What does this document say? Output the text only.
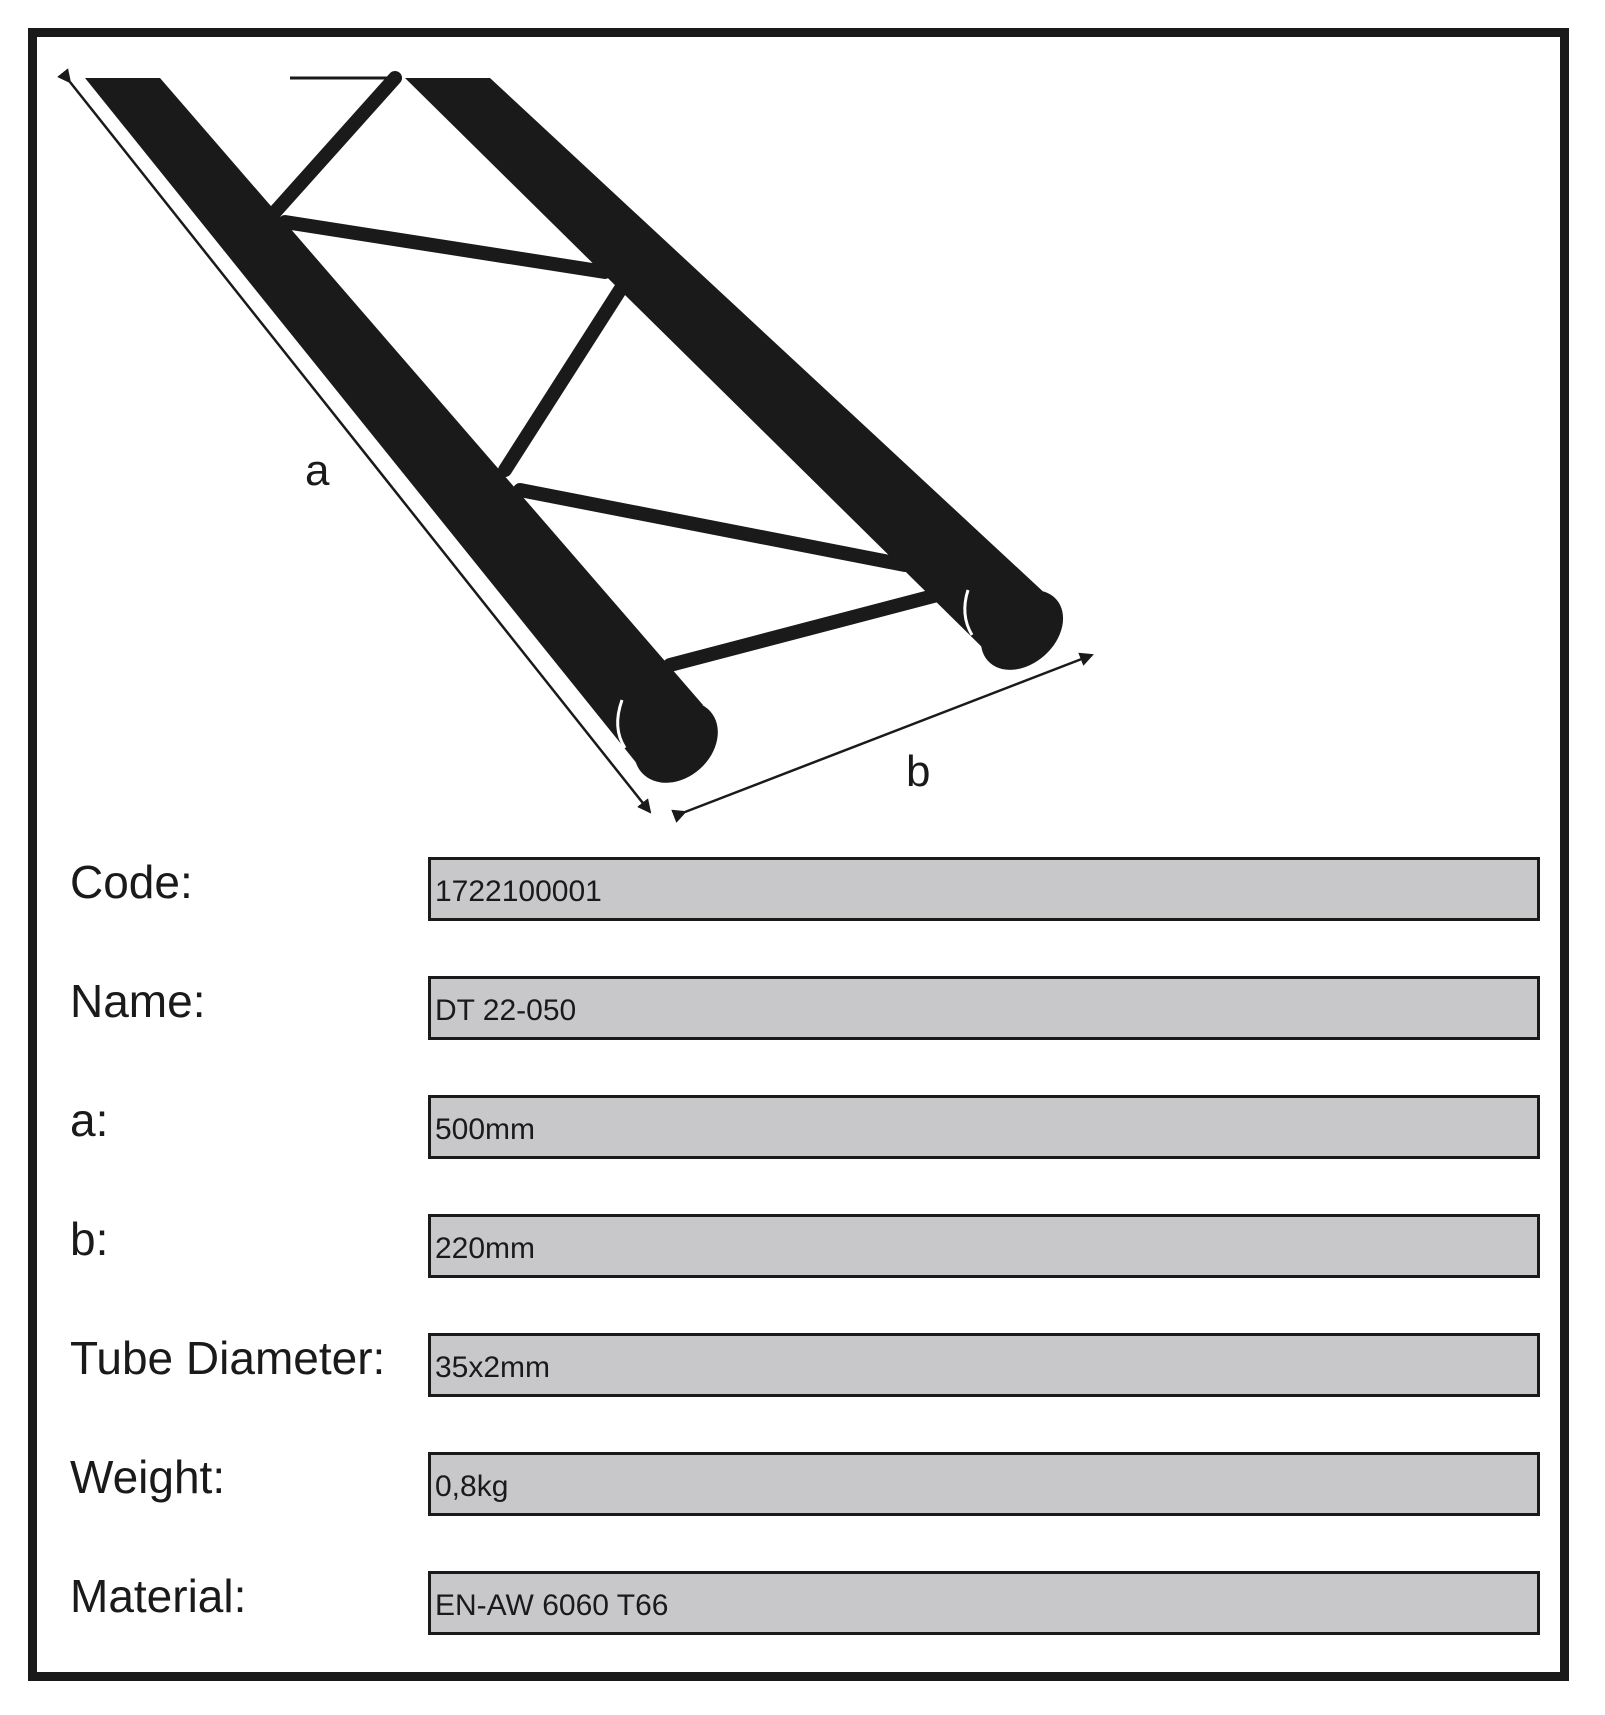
a
b
Code:	1722100001
Name:	DT 22-050
a:	500mm
b:	220mm
Tube Diameter: 35x2mm
Weight:	0,8kg
Material:	EN-AW 6060 T66
